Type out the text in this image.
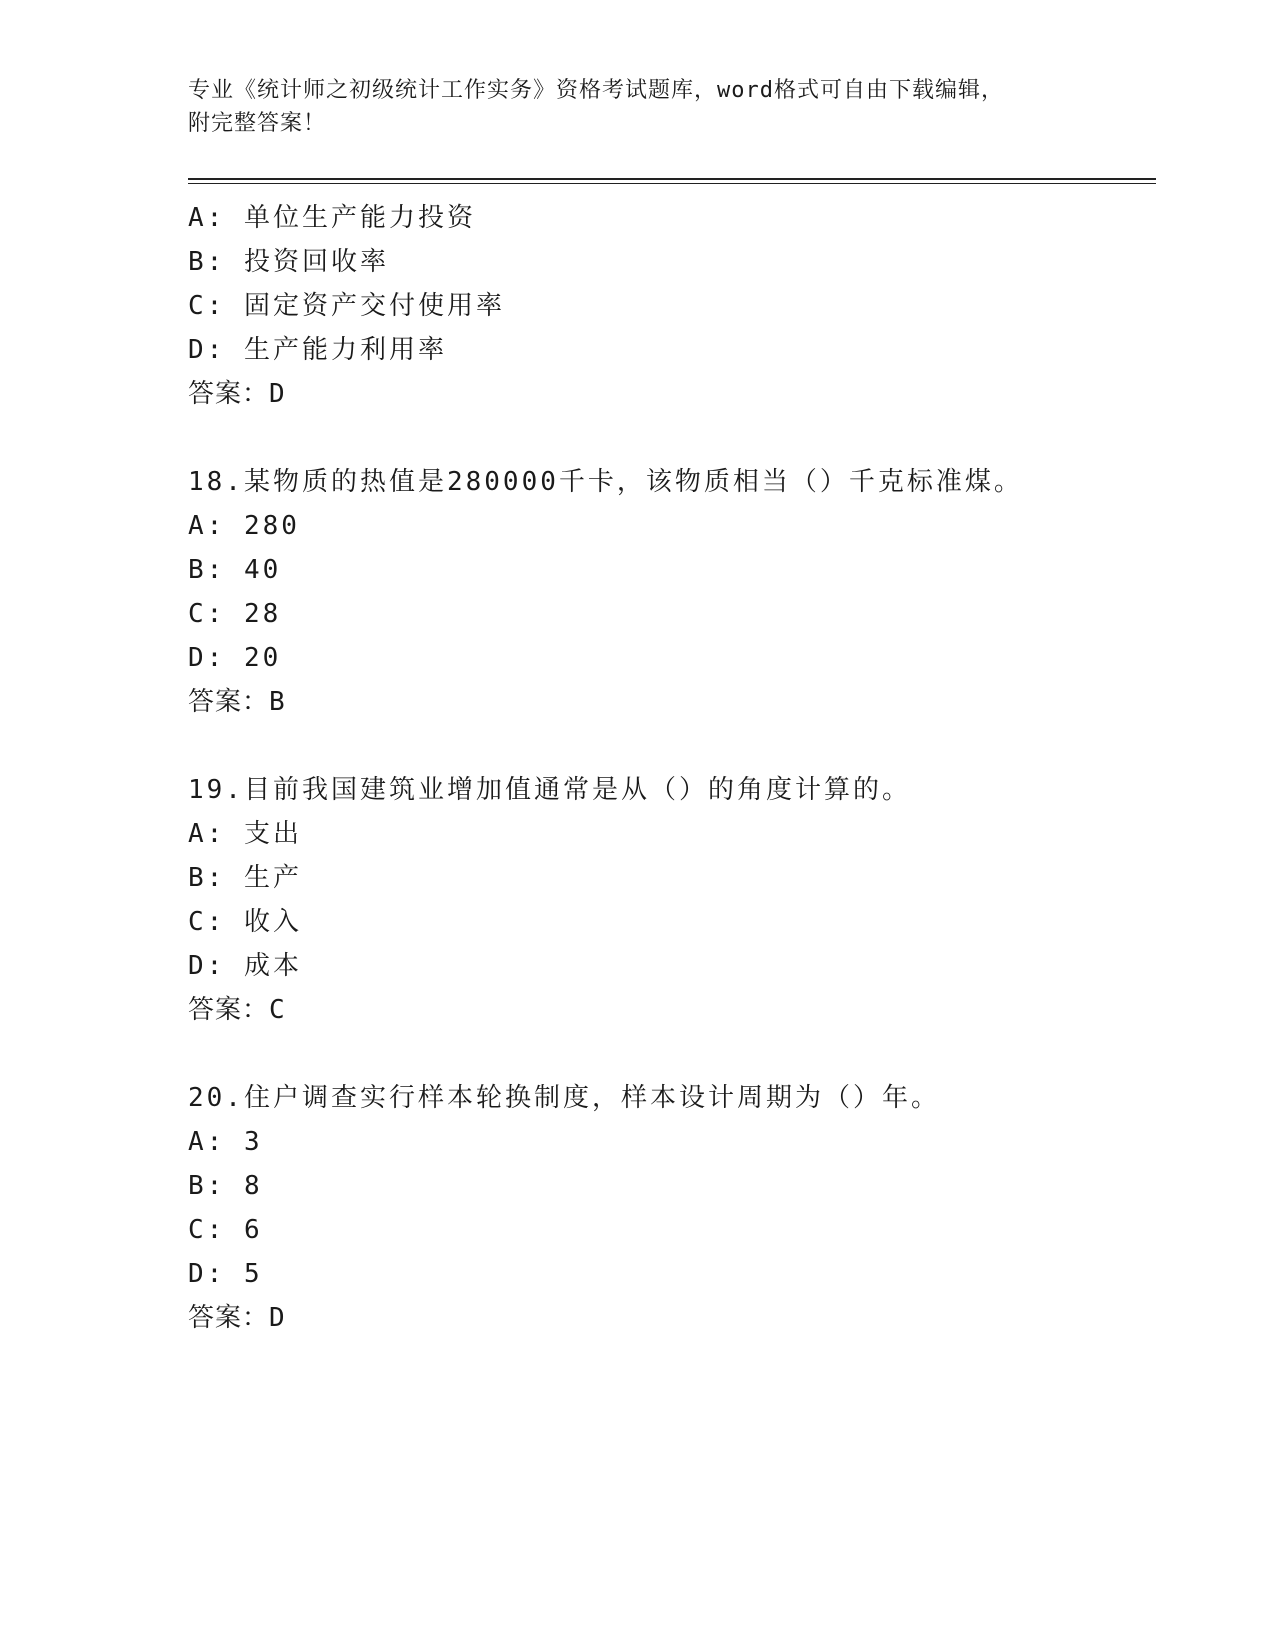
专业《统计师之初级统计工作实务》资格考试题库，word格式可自由下载编辑，
附完整答案！
A: 单位生产能力投资
B: 投资回收率
C: 固定资产交付使用率
D: 生产能力利用率
答案：D
18.某物质的热值是280000千卡，该物质相当（）千克标准煤。
A: 280
B: 40
C: 28
D: 20
答案：B
19.目前我国建筑业增加值通常是从（）的角度计算的。
A: 支出
B: 生产
C: 收入
D: 成本
答案：C
20.住户调查实行样本轮换制度，样本设计周期为（）年。
A: 3
B: 8
C: 6
D: 5
答案：D
